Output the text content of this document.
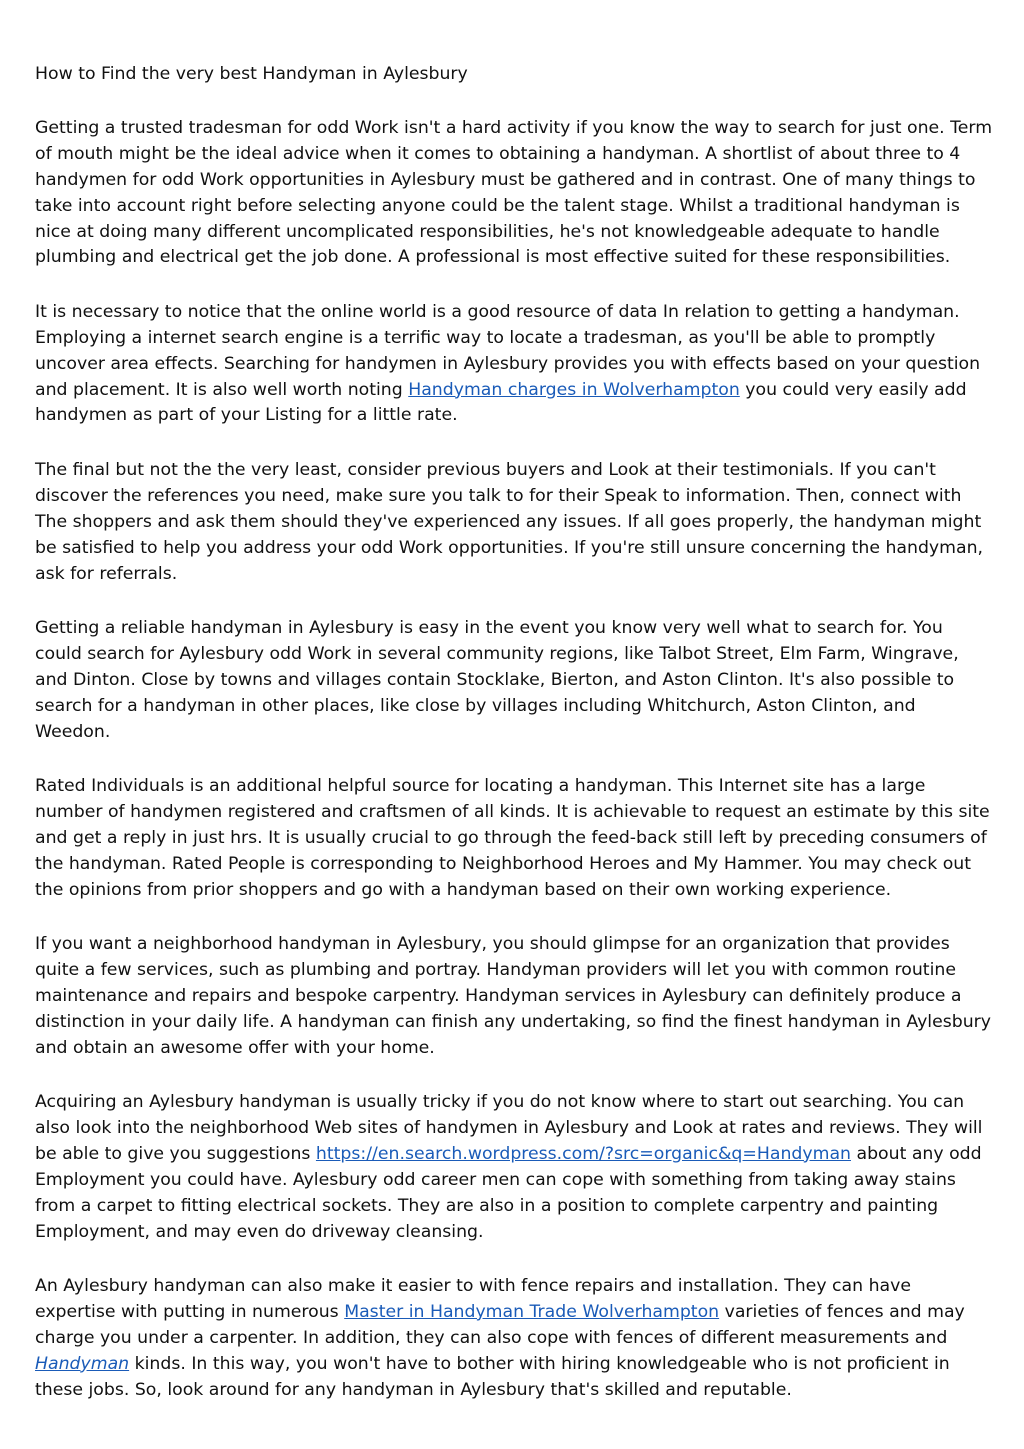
How to Find the very best Handyman in Aylesbury

Getting a trusted tradesman for odd Work isn't a hard activity if you know the way to search for just one. Term of mouth might be the ideal advice when it comes to obtaining a handyman. A shortlist of about three to 4 handymen for odd Work opportunities in Aylesbury must be gathered and in contrast. One of many things to take into account right before selecting anyone could be the talent stage. Whilst a traditional handyman is nice at doing many different uncomplicated responsibilities, he's not knowledgeable adequate to handle plumbing and electrical get the job done. A professional is most effective suited for these responsibilities.

It is necessary to notice that the online world is a good resource of data In relation to getting a handyman. Employing a internet search engine is a terrific way to locate a tradesman, as you'll be able to promptly uncover area effects. Searching for handymen in Aylesbury provides you with effects based on your question and placement. It is also well worth noting Handyman charges in Wolverhampton you could very easily add handymen as part of your Listing for a little rate.

The final but not the the very least, consider previous buyers and Look at their testimonials. If you can't discover the references you need, make sure you talk to for their Speak to information. Then, connect with The shoppers and ask them should they've experienced any issues. If all goes properly, the handyman might be satisfied to help you address your odd Work opportunities. If you're still unsure concerning the handyman, ask for referrals.

Getting a reliable handyman in Aylesbury is easy in the event you know very well what to search for. You could search for Aylesbury odd Work in several community regions, like Talbot Street, Elm Farm, Wingrave, and Dinton. Close by towns and villages contain Stocklake, Bierton, and Aston Clinton. It's also possible to search for a handyman in other places, like close by villages including Whitchurch, Aston Clinton, and Weedon.

Rated Individuals is an additional helpful source for locating a handyman. This Internet site has a large number of handymen registered and craftsmen of all kinds. It is achievable to request an estimate by this site and get a reply in just hrs. It is usually crucial to go through the feed-back still left by preceding consumers of the handyman. Rated People is corresponding to Neighborhood Heroes and My Hammer. You may check out the opinions from prior shoppers and go with a handyman based on their own working experience.

If you want a neighborhood handyman in Aylesbury, you should glimpse for an organization that provides quite a few services, such as plumbing and portray. Handyman providers will let you with common routine maintenance and repairs and bespoke carpentry. Handyman services in Aylesbury can definitely produce a distinction in your daily life. A handyman can finish any undertaking, so find the finest handyman in Aylesbury and obtain an awesome offer with your home.

Acquiring an Aylesbury handyman is usually tricky if you do not know where to start out searching. You can also look into the neighborhood Web sites of handymen in Aylesbury and Look at rates and reviews. They will be able to give you suggestions https://en.search.wordpress.com/?src=organic&q=Handyman about any odd Employment you could have. Aylesbury odd career men can cope with something from taking away stains from a carpet to fitting electrical sockets. They are also in a position to complete carpentry and painting Employment, and may even do driveway cleansing.

An Aylesbury handyman can also make it easier to with fence repairs and installation. They can have expertise with putting in numerous Master in Handyman Trade Wolverhampton varieties of fences and may charge you under a carpenter. In addition, they can also cope with fences of different measurements and Handyman kinds. In this way, you won't have to bother with hiring knowledgeable who is not proficient in these jobs. So, look around for any handyman in Aylesbury that's skilled and reputable.
